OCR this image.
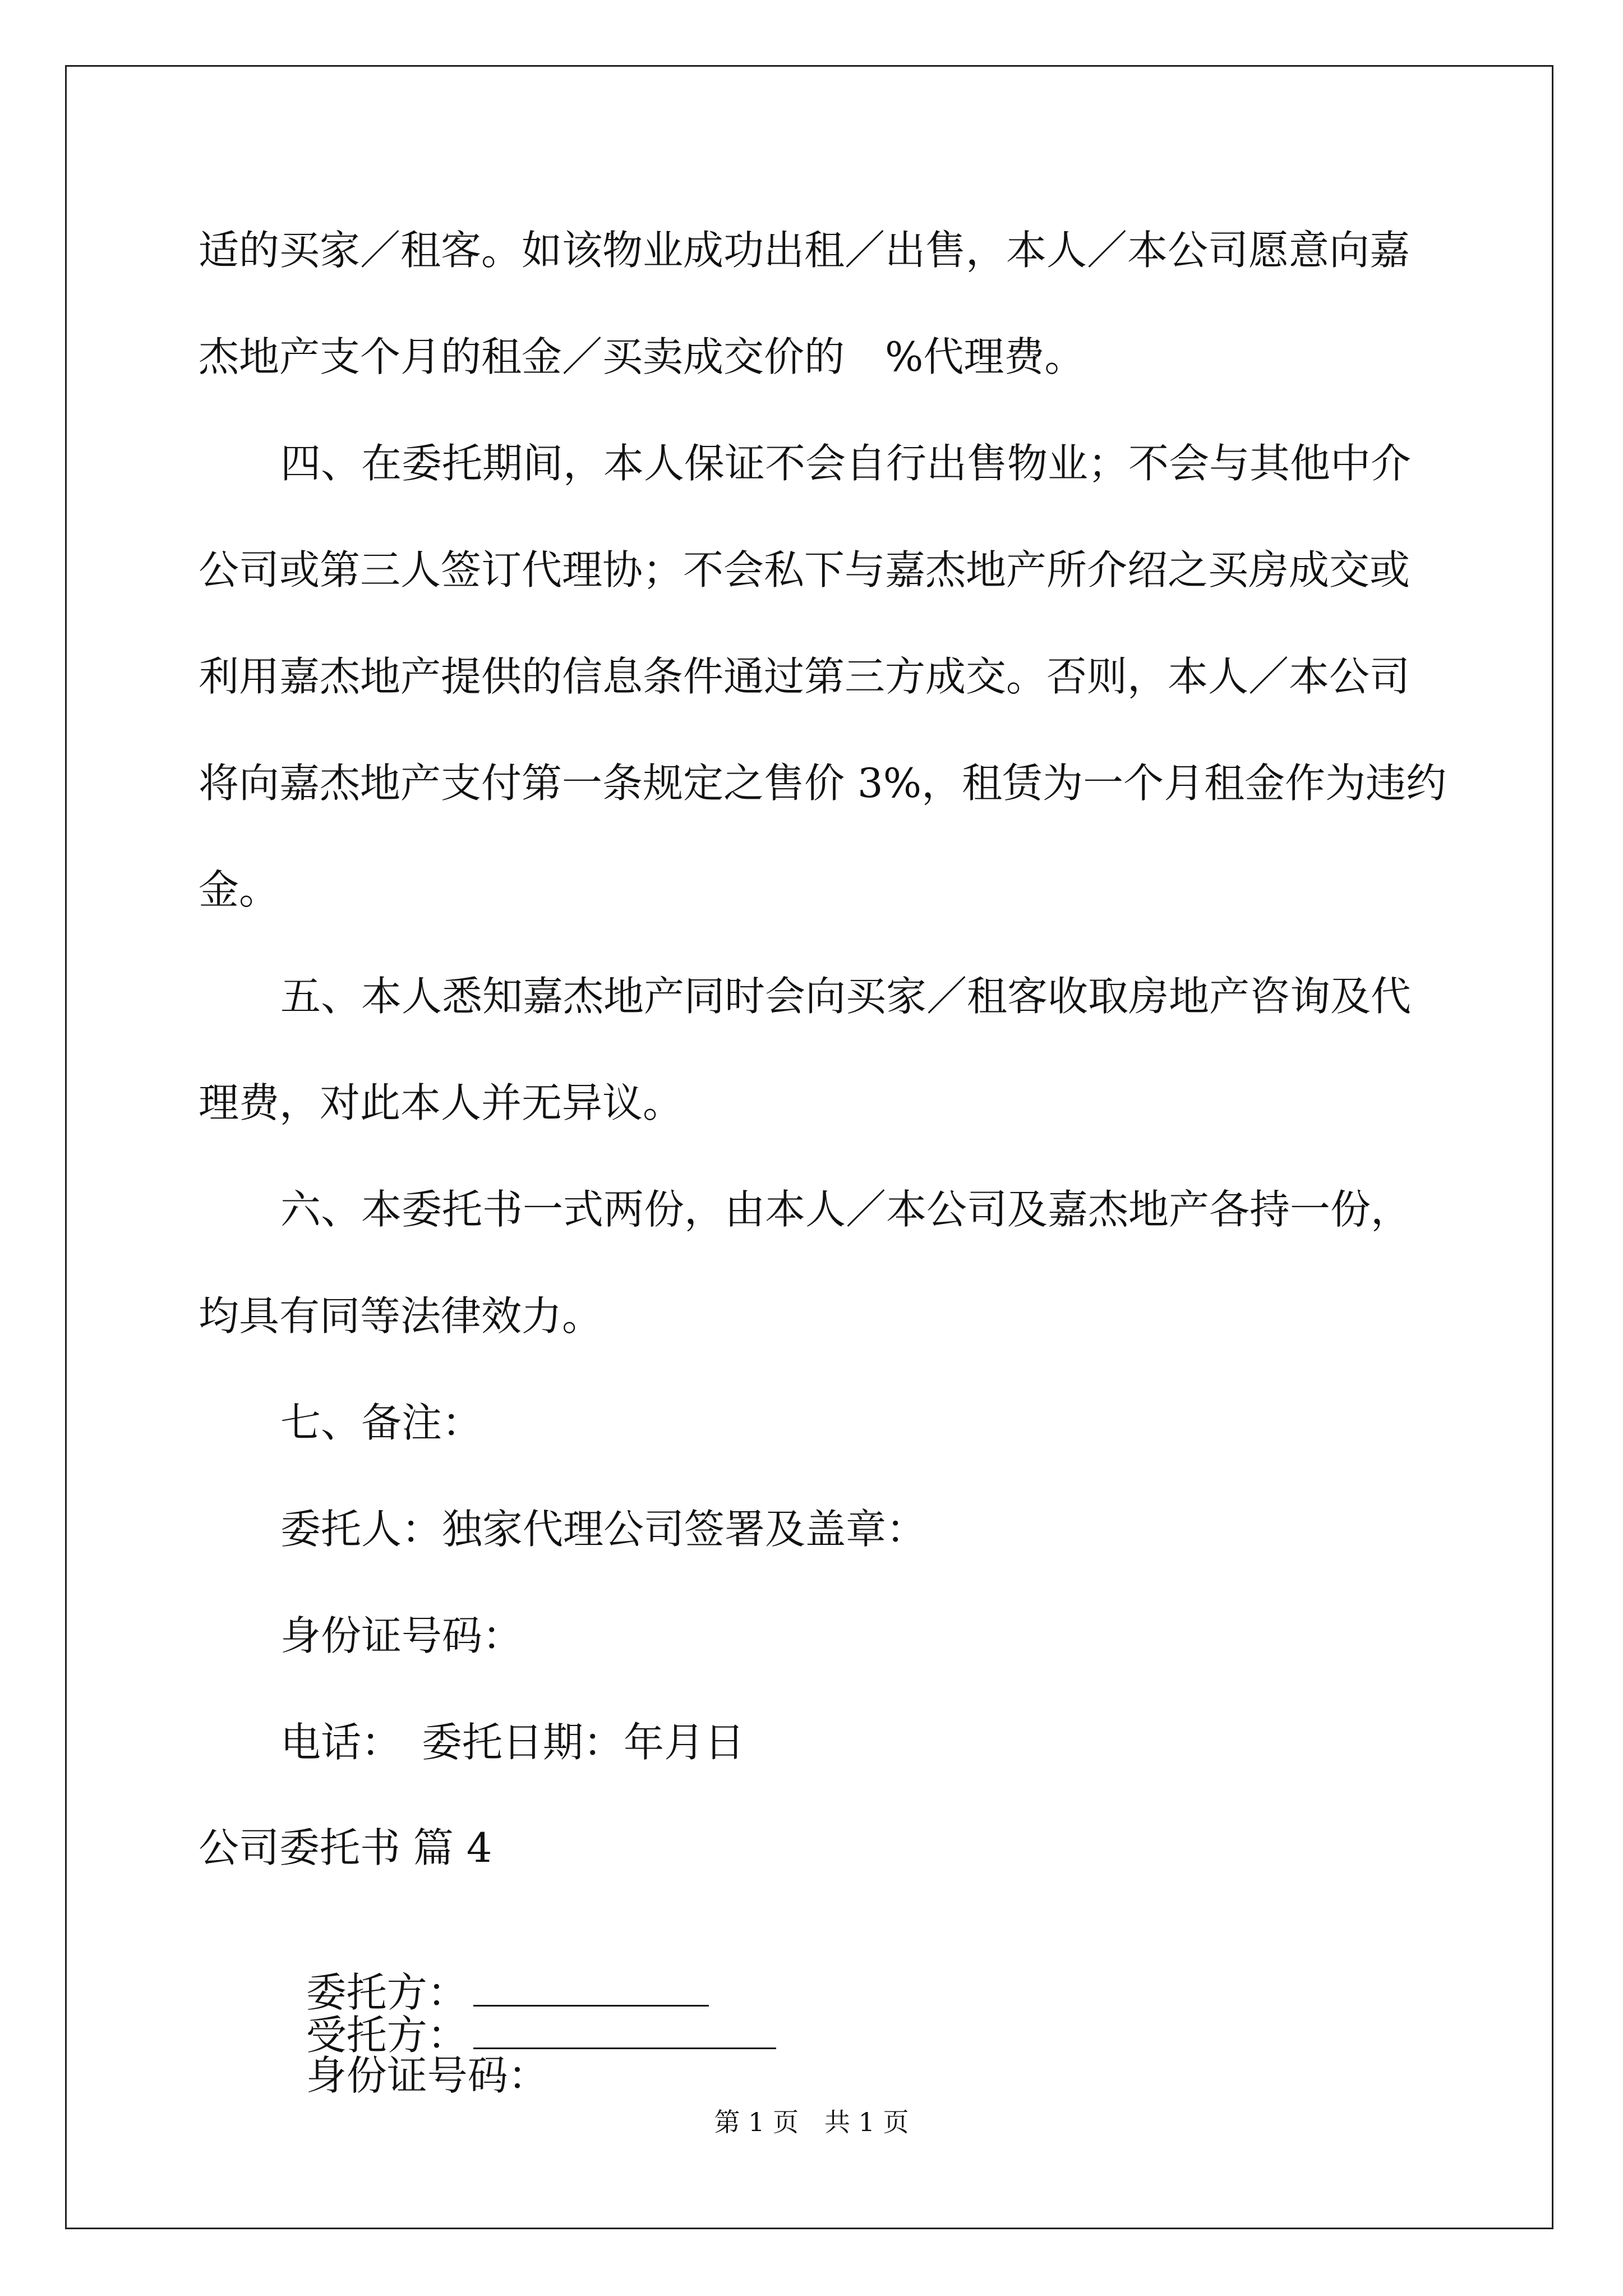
适的买家／租客。如该物业成功出租／出售，本人／本公司愿意向嘉
杰地产支个月的租金／买卖成交价的　%代理费。
四、在委托期间，本人保证不会自行出售物业；不会与其他中介
公司或第三人签订代理协；不会私下与嘉杰地产所介绍之买房成交或
利用嘉杰地产提供的信息条件通过第三方成交。否则，本人／本公司
将向嘉杰地产支付第一条规定之售价 3%，租赁为一个月租金作为违约
金。
五、本人悉知嘉杰地产同时会向买家／租客收取房地产咨询及代
理费，对此本人并无异议。
六、本委托书一式两份，由本人／本公司及嘉杰地产各持一份，
均具有同等法律效力。
七、备注：
委托人：独家代理公司签署及盖章：
身份证号码：
电话：　委托日期：年月日
公司委托书 篇 4

委托方：
受托方：
身份证号码：

第 1 页　共 1 页
